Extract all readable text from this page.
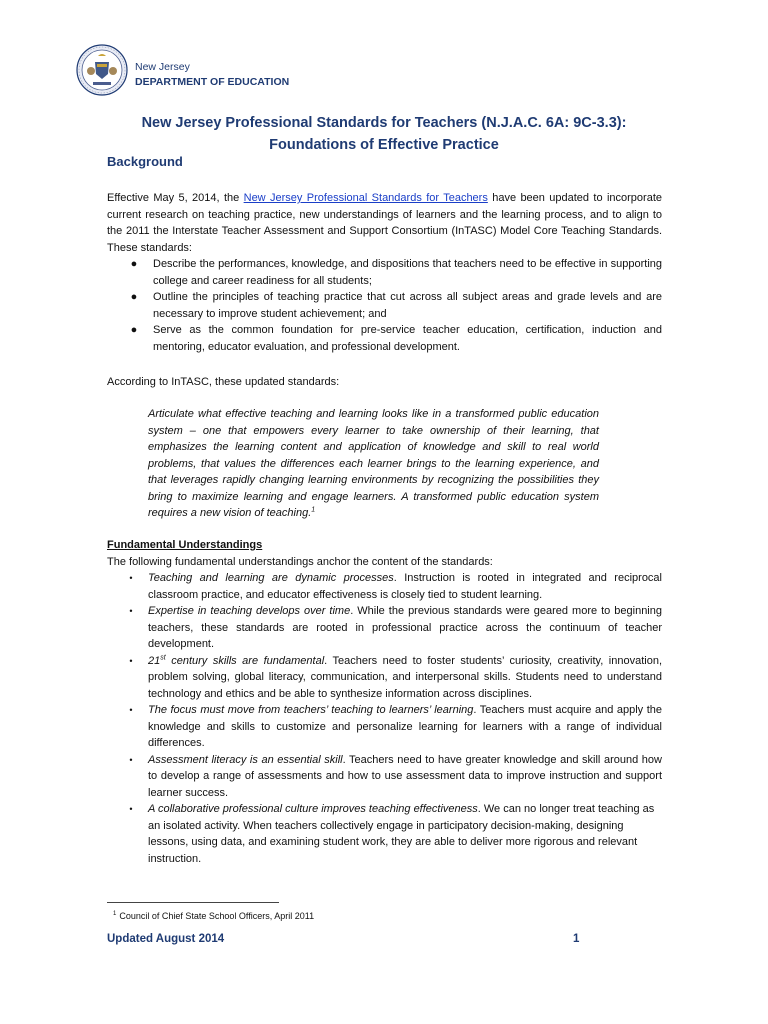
New Jersey
DEPARTMENT OF EDUCATION
New Jersey Professional Standards for Teachers (N.J.A.C. 6A: 9C-3.3):
Foundations of Effective Practice
Background
Effective May 5, 2014, the New Jersey Professional Standards for Teachers have been updated to incorporate current research on teaching practice, new understandings of learners and the learning process, and to align to the 2011 the Interstate Teacher Assessment and Support Consortium (InTASC) Model Core Teaching Standards. These standards:
● Describe the performances, knowledge, and dispositions that teachers need to be effective in supporting college and career readiness for all students;
● Outline the principles of teaching practice that cut across all subject areas and grade levels and are necessary to improve student achievement; and
● Serve as the common foundation for pre-service teacher education, certification, induction and mentoring, educator evaluation, and professional development.
According to InTASC, these updated standards:
Articulate what effective teaching and learning looks like in a transformed public education system – one that empowers every learner to take ownership of their learning, that emphasizes the learning content and application of knowledge and skill to real world problems, that values the differences each learner brings to the learning experience, and that leverages rapidly changing learning environments by recognizing the possibilities they bring to maximize learning and engage learners. A transformed public education system requires a new vision of teaching.$^1$
Fundamental Understandings
The following fundamental understandings anchor the content of the standards:
•	Teaching and learning are dynamic processes. Instruction is rooted in integrated and reciprocal classroom practice, and educator effectiveness is closely tied to student learning.
•	Expertise in teaching develops over time. While the previous standards were geared more to beginning teachers, these standards are rooted in professional practice across the continuum of teacher development.
•	21st century skills are fundamental. Teachers need to foster students’ curiosity, creativity, innovation, problem solving, global literacy, communication, and interpersonal skills. Students need to understand technology and ethics and be able to synthesize information across disciplines.
•	The focus must move from teachers’ teaching to learners’ learning. Teachers must acquire and apply the knowledge and skills to customize and personalize learning for learners with a range of individual differences.
•	Assessment literacy is an essential skill. Teachers need to have greater knowledge and skill around how to develop a range of assessments and how to use assessment data to improve instruction and support learner success.
•	A collaborative professional culture improves teaching effectiveness. We can no longer treat teaching as an isolated activity. When teachers collectively engage in participatory decision-making, designing lessons, using data, and examining student work, they are able to deliver more rigorous and relevant instruction.
$^1$ Council of Chief State School Officers, April 2011
Updated August 2014	1
